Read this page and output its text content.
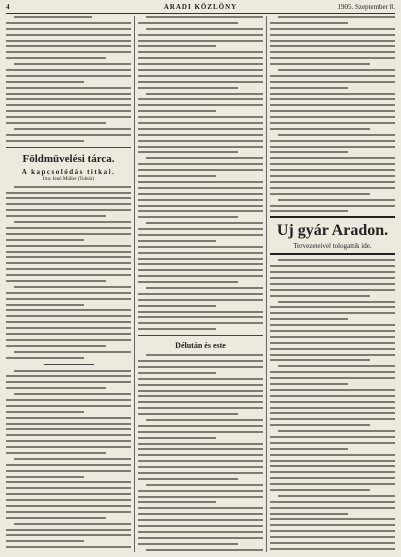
4	ARADI KÖZLÖNY	1905. Szeptember 8.
Földmüvelési tárca.
A kapcsolódás titkai.
Irta: Jenő Müller (Tolnár)
Délután és este
Uj gyár Aradon.
Tervezeteivel tologattik ide.
